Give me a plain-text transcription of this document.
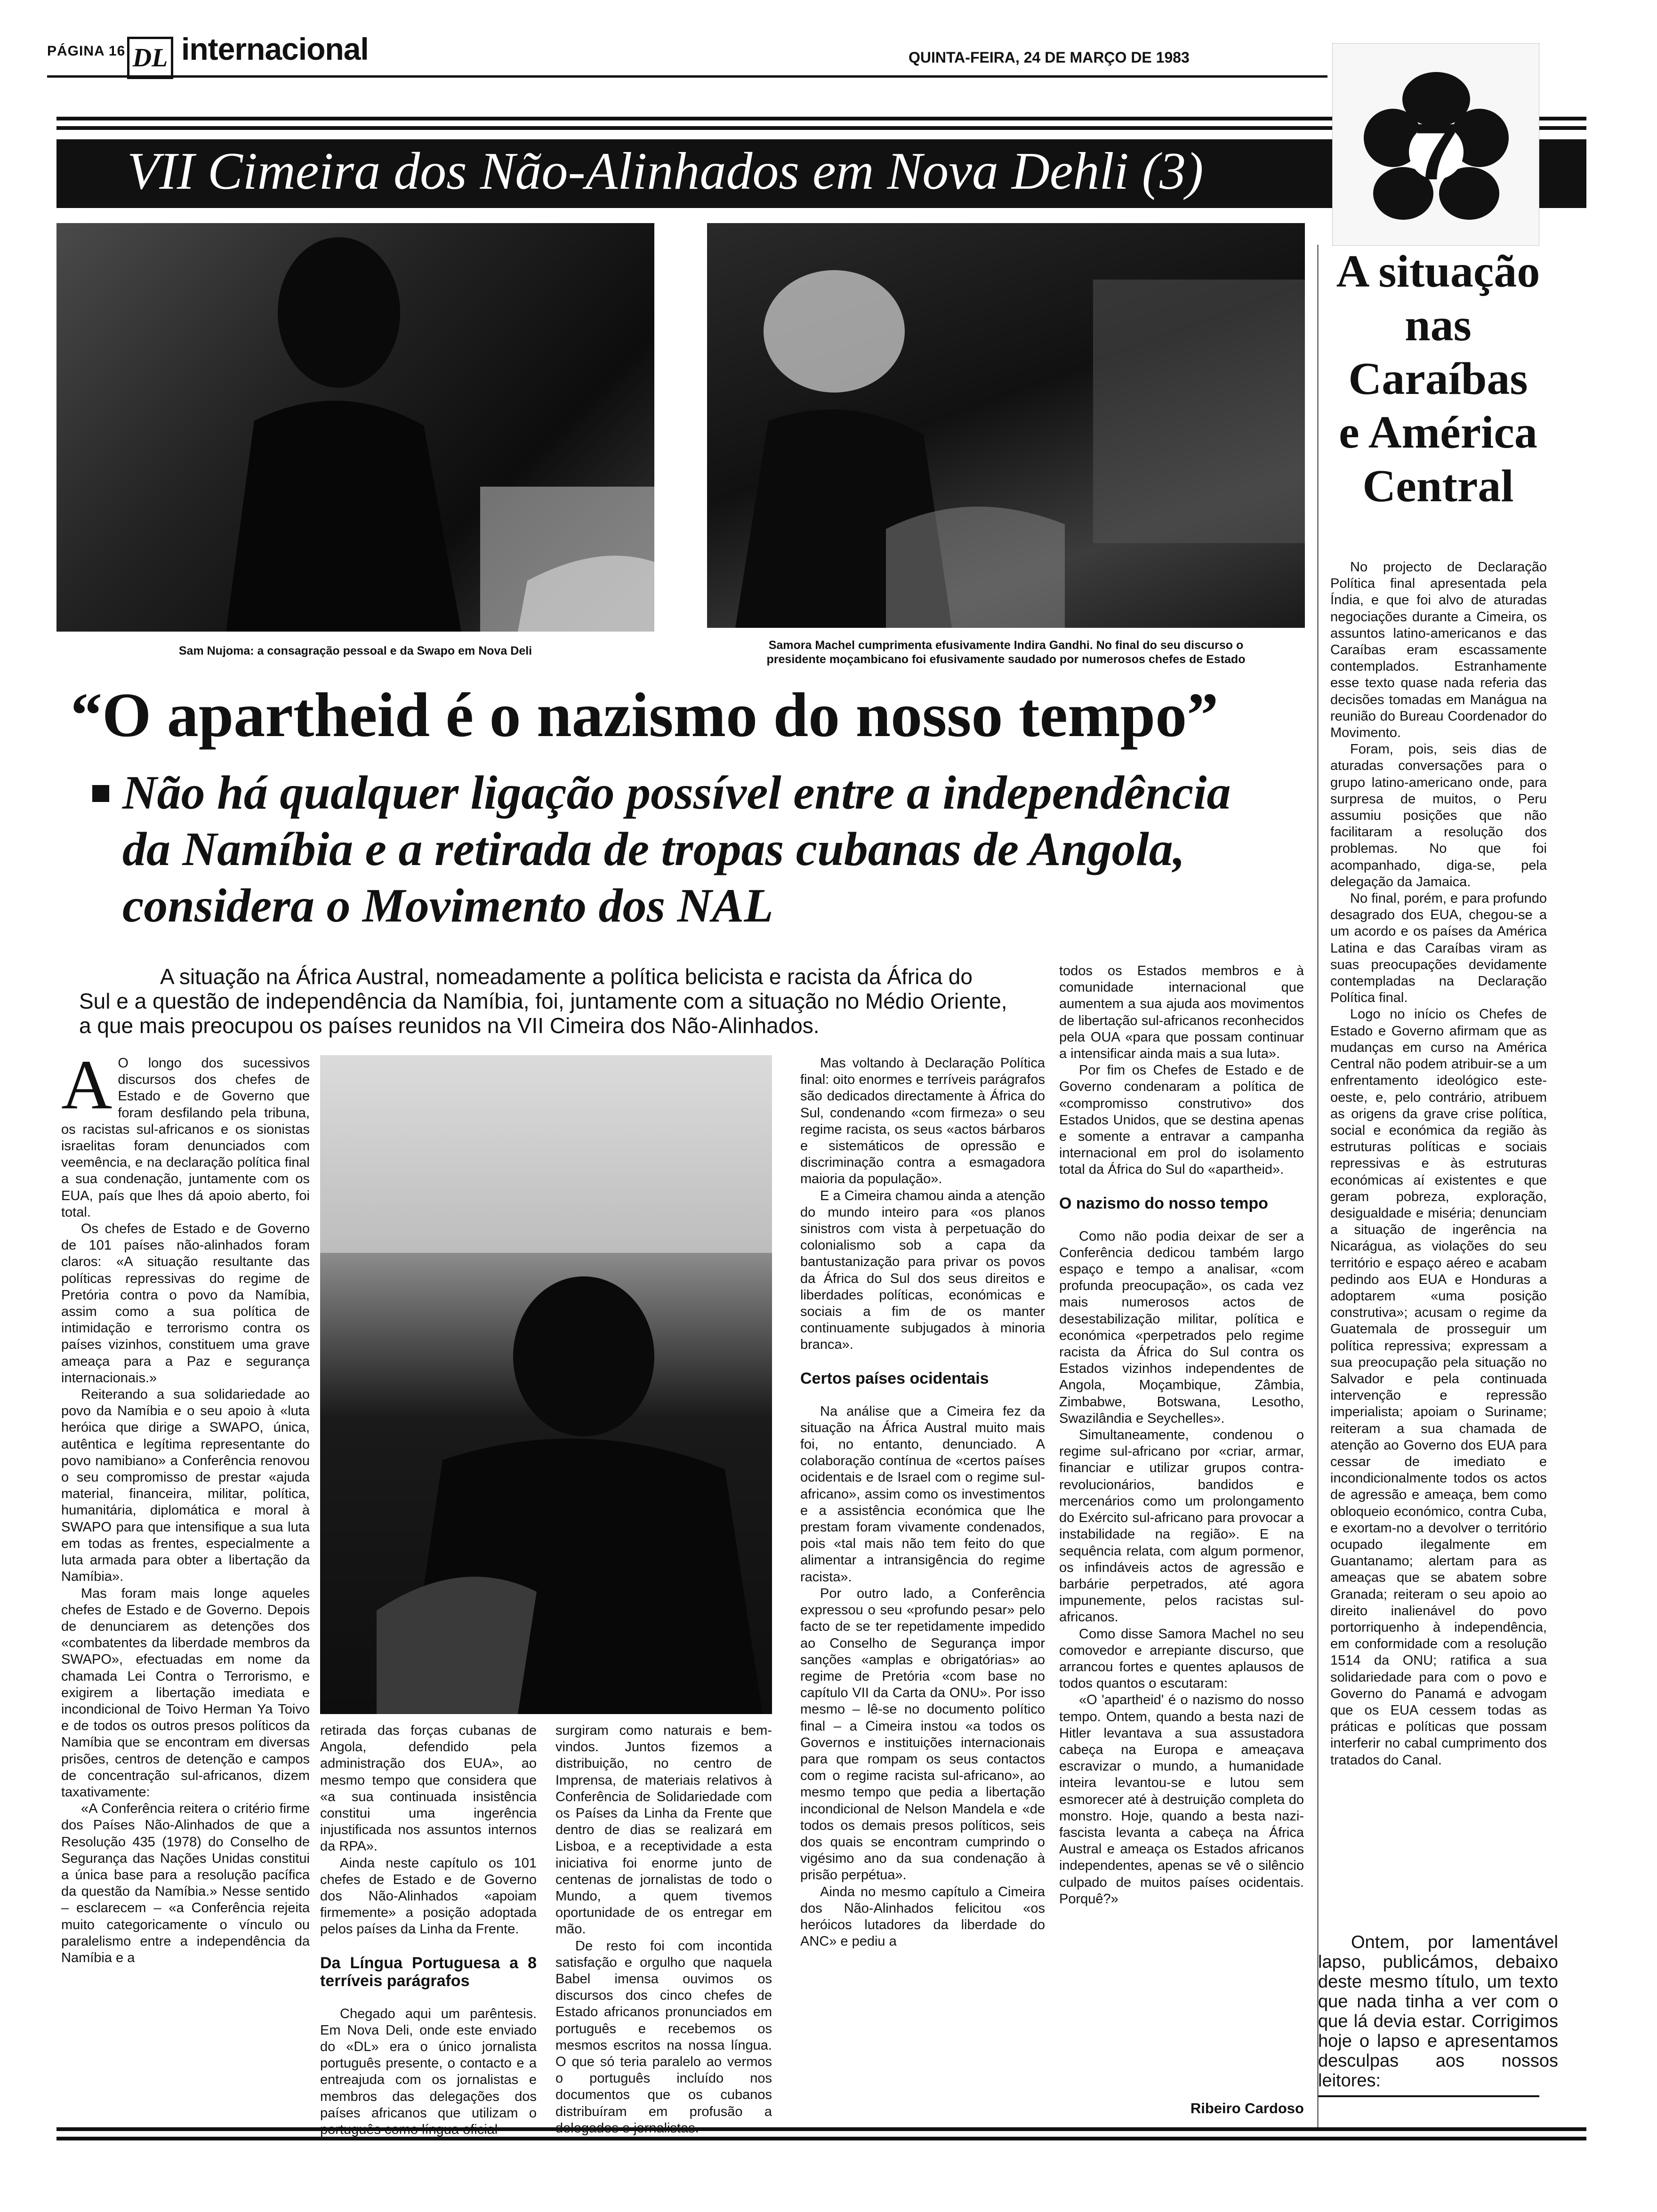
PÁGINA 16 DL internacional	QUINTA-FEIRA, 24 DE MARÇO DE 1983
VII Cimeira dos Não-Alinhados em Nova Dehli (3)	7
Sam Nujoma: a consagração pessoal e da Swapo em Nova Deli	Samora Machel cumprimenta efusivamente Indira Gandhi. No final do seu discurso o
presidente moçambicano foi efusivamente saudado por numerosos chefes de Estado
“O apartheid é o nazismo do nosso tempo”
Não há qualquer ligação possível entre a independência
da Namíbia e a retirada de tropas cubanas de Angola,
considera o Movimento dos NAL
A situação na África Austral, nomeadamente a política belicista e racista da África do
Sul e a questão de independência da Namíbia, foi, juntamente com a situação no Médio Oriente,
a que mais preocupou os países reunidos na VII Cimeira dos Não-Alinhados.
A O longo dos sucessivos discursos dos chefes de Estado e de Governo que foram desfilando pela tribuna, os racistas sul-africanos e os sionistas israelitas foram denunciados com veemência, e na declaração política final a sua condenação, juntamente com os EUA, país que lhes dá apoio aberto, foi total.

Os chefes de Estado e de Governo de 101 países não-alinhados foram claros: «A situação resultante das políticas repressivas do regime de Pretória contra o povo da Namíbia, assim como a sua política de intimidação e terrorismo contra os países vizinhos, constituem uma grave ameaça para a Paz e segurança internacionais.»

Reiterando a sua solidariedade ao povo da Namíbia e o seu apoio à «luta heróica que dirige a SWAPO, única, autêntica e legítima representante do povo namibiano» a Conferência renovou o seu compromisso de prestar «ajuda material, financeira, militar, política, humanitária, diplomática e moral à SWAPO para que intensifique a sua luta em todas as frentes, especialmente a luta armada para obter a libertação da Namíbia».

Mas foram mais longe aqueles chefes de Estado e de Governo. Depois de denunciarem as detenções dos «combatentes da liberdade membros da SWAPO», efectuadas em nome da chamada Lei Contra o Terrorismo, e exigirem a libertação imediata e incondicional de Toivo Herman Ya Toivo e de todos os outros presos políticos da Namíbia que se encontram em diversas prisões, centros de detenção e campos de concentração sul-africanos, dizem taxativamente:

«A Conferência reitera o critério firme dos Países Não-Alinhados de que a Resolução 435 (1978) do Conselho de Segurança das Nações Unidas constitui a única base para a resolução pacífica da questão da Namíbia.» Nesse sentido – esclarecem – «a Conferência rejeita muito categoricamente o vínculo ou paralelismo entre a independência da Namíbia e a

retirada das forças cubanas de Angola, defendido pela administração dos EUA», ao mesmo tempo que considera que «a sua continuada insistência constitui uma ingerência injustificada nos assuntos internos da RPA».

Ainda neste capítulo os 101 chefes de Estado e de Governo dos Não-Alinhados «apoiam firmemente» a posição adoptada pelos países da Linha da Frente.

Da Língua Portuguesa a 8 terríveis parágrafos

Chegado aqui um parêntesis. Em Nova Deli, onde este enviado do «DL» era o único jornalista português presente, o contacto e a entreajuda com os jornalistas e membros das delegações dos países africanos que utilizam o

surgiram como naturais e bem-vindos. Juntos fizemos a distribuição, no centro de Imprensa, de materiais relativos à Conferência de Solidariedade com os Países da Linha da Frente que dentro de dias se realizará em Lisboa, e a receptividade a esta iniciativa foi enorme junto de centenas de jornalistas de todo o Mundo, a quem tivemos oportunidade de os entregar em mão.

De resto foi com incontida satisfação e orgulho que naquela Babel imensa ouvimos os discursos dos cinco chefes de Estado africanos pronunciados em português e recebemos os mesmos escritos na nossa língua. O que só teria paralelo ao vermos o português incluído nos documentos que os cubanos distribuíram em profusão a

Mas voltando à Declaração Política final: oito enormes e terríveis parágrafos são dedicados directamente à África do Sul, condenando «com firmeza» o seu regime racista, os seus «actos bárbaros e sistemáticos de opressão e discriminação contra a esmagadora maioria da população».

E a Cimeira chamou ainda a atenção do mundo inteiro para «os planos sinistros com vista à perpetuação do colonialismo sob a capa da bantustanização para privar os povos da África do Sul dos seus direitos e liberdades políticas, económicas e sociais a fim de os manter continuamente subjugados à minoria branca».

Certos países ocidentais

Na análise que a Cimeira fez da situação na África Austral muito mais foi, no entanto, denunciado. A colaboração contínua de «certos países ocidentais e de Israel com o regime sul-africano», assim como os investimentos e a assistência económica que lhe prestam foram vivamente condenados, pois «tal mais não tem feito do que alimentar a intransigência do regime racista».

Por outro lado, a Conferência expressou o seu «profundo pesar» pelo facto de se ter repetidamente impedido ao Conselho de Segurança impor sanções «amplas e obrigatórias» ao regime de Pretória «com base no capítulo VII da Carta da ONU». Por isso mesmo – lê-se no documento político final – a Cimeira instou «a todos os Governos e instituições internacionais para que rompam os seus contactos com o regime racista sul-africano», ao mesmo tempo que pedia a libertação incondicional de Nelson Mandela e «de todos os demais presos políticos, seis dos quais se encontram cumprindo o vigésimo ano da sua condenação à prisão perpétua».

Ainda no mesmo capítulo a Cimeira dos Não-Alinhados felicitou «os heróicos lutadores da liberdade do ANC» e pediu a

todos os Estados membros e à comunidade internacional que aumentem a sua ajuda aos movimentos de libertação sul-africanos reconhecidos pela OUA «para que possam continuar a intensificar ainda mais a sua luta».

Por fim os Chefes de Estado e de Governo condenaram a política de «compromisso construtivo» dos Estados Unidos, que se destina apenas e somente a entravar a campanha internacional em prol do isolamento total da África do Sul do «apartheid».

O nazismo do nosso tempo

Como não podia deixar de ser a Conferência dedicou também largo espaço e tempo a analisar, «com profunda preocupação», os cada vez mais numerosos actos de desestabilização militar, política e económica «perpetrados pelo regime racista da África do Sul contra os Estados vizinhos independentes de Angola, Moçambique, Zâmbia, Zimbabwe, Botswana, Lesotho, Swazilândia e Seychelles».

Simultaneamente, condenou o regime sul-africano por «criar, armar, financiar e utilizar grupos contra-revolucionários, bandidos e mercenários como um prolongamento do Exército sul-africano para provocar a instabilidade na região». E na sequência relata, com algum pormenor, os infindáveis actos de agressão e barbárie perpetrados, até agora impunemente, pelos racistas sul-africanos.

Como disse Samora Machel no seu comovedor e arrepiante discurso, que arrancou fortes e quentes aplausos de todos quantos o escutaram:

«O 'apartheid' é o nazismo do nosso tempo. Ontem, quando a besta nazi de Hitler levantava a sua assustadora cabeça na Europa e ameaçava escravizar o mundo, a humanidade inteira levantou-se e lutou sem esmorecer até à destruição completa do monstro. Hoje, quando a besta nazi-fascista levanta a cabeça na África Austral e ameaça os Estados africanos independentes, apenas se vê o silêncio culpado de muitos países ocidentais. Porquê?»

Ribeiro Cardoso
A situação
nas
Caraíbas
e América
Central

No projecto de Declaração Política final apresentada pela Índia, e que foi alvo de aturadas negociações durante a Cimeira, os assuntos latino-americanos e das Caraíbas eram escassamente contemplados. Estranhamente esse texto quase nada referia das decisões tomadas em Manágua na reunião do Bureau Coordenador do Movimento.

Foram, pois, seis dias de aturadas conversações para o grupo latino-americano onde, para surpresa de muitos, o Peru assumiu posições que não facilitaram a resolução dos problemas. No que foi acompanhado, diga-se, pela delegação da Jamaica.

No final, porém, e para profundo desagrado dos EUA, chegou-se a um acordo e os países da América Latina e das Caraíbas viram as suas preocupações devidamente contempladas na Declaração Política final.

Logo no início os Chefes de Estado e Governo afirmam que as mudanças em curso na América Central não podem atribuir-se a um enfrentamento ideológico este-oeste, e, pelo contrário, atribuem as origens da grave crise política, social e económica da região às estruturas políticas e sociais repressivas e às estruturas económicas aí existentes e que geram pobreza, exploração, desigualdade e miséria; denunciam a situação de ingerência na Nicarágua, as violações do seu território e espaço aéreo e acabam pedindo aos EUA e Honduras a adoptarem «uma posição construtiva»; acusam o regime da Guatemala de prosseguir um política repressiva; expressam a sua preocupação pela situação no Salvador e pela continuada intervenção e repressão imperialista; apoiam o Suriname; reiteram a sua chamada de atenção ao Governo dos EUA para cessar de imediato e incondicionalmente todos os actos de agressão e ameaça, bem como obloqueio económico, contra Cuba, e exortam-no a devolver o território ocupado ilegalmente em Guantanamo; alertam para as ameaças que se abatem sobre Granada; reiteram o seu apoio ao direito inalienável do povo portorriquenho à independência, em conformidade com a resolução 1514 da ONU; ratifica a sua solidariedade para com o povo e Governo do Panamá e advogam que os EUA cessem todas as práticas e políticas que possam interferir no cabal cumprimento dos tratados do Canal.

Ontem, por lamentável lapso, publicámos, debaixo deste mesmo título, um texto que nada tinha a ver com o que lá devia estar. Corrigimos hoje o lapso e apresentamos desculpas aos nossos leitores:
